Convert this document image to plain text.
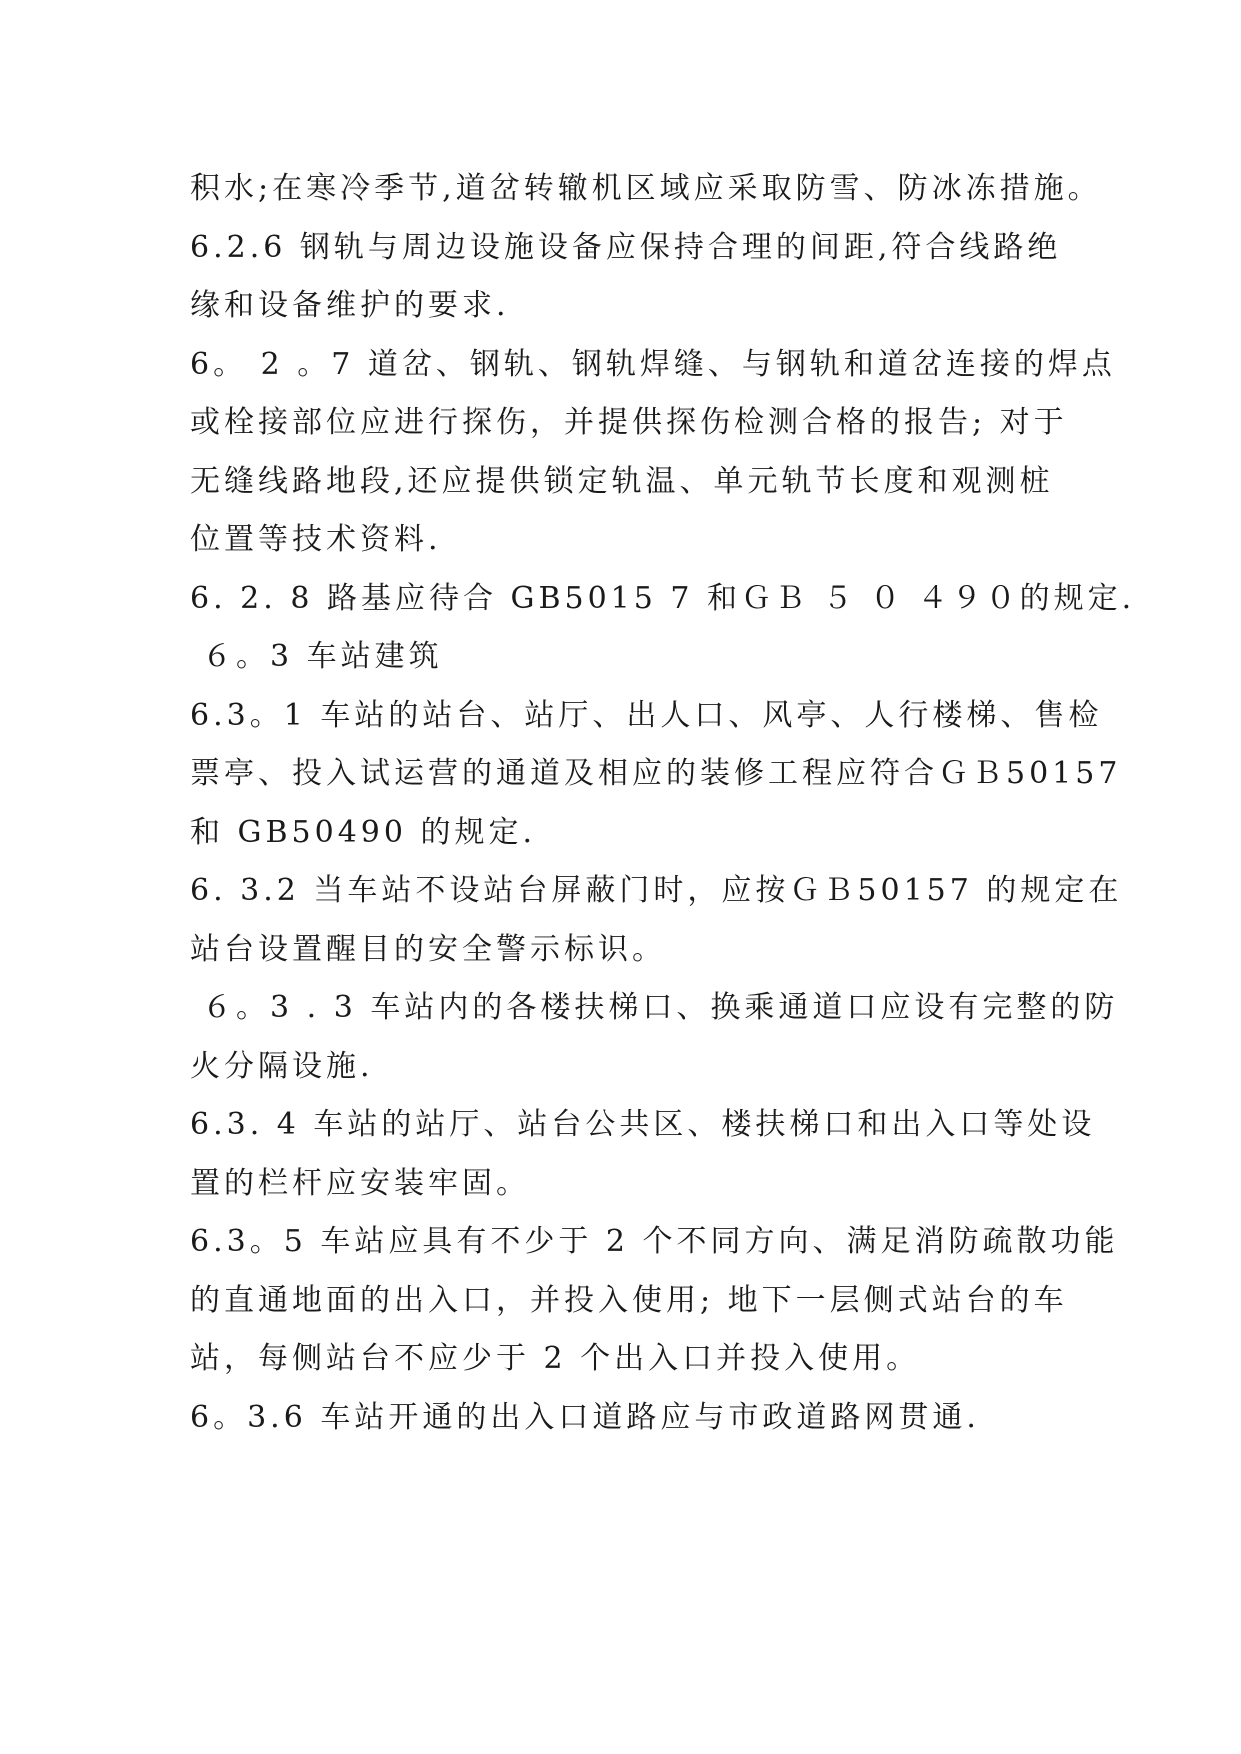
积水;在寒冷季节,道岔转辙机区域应采取防雪、防冰冻措施。
6.2.6 钢轨与周边设施设备应保持合理的间距,符合线路绝
缘和设备维护的要求.
6。 2 。7 道岔、钢轨、钢轨焊缝、与钢轨和道岔连接的焊点
或栓接部位应进行探伤，并提供探伤检测合格的报告; 对于
无缝线路地段,还应提供锁定轨温、单元轨节长度和观测桩
位置等技术资料.
6. 2. 8 路基应待合 GB5015 7 和ＧＢ ５ ０ ４９０的规定.
６。3 车站建筑
6.3。1 车站的站台、站厅、出人口、风亭、人行楼梯、售检
票亭、投入试运营的通道及相应的装修工程应符合ＧＢ50157
和 GB50490 的规定.
6. 3.2 当车站不设站台屏蔽门时，应按ＧＢ50157 的规定在
站台设置醒目的安全警示标识。
６。3 . 3 车站内的各楼扶梯口、换乘通道口应设有完整的防
火分隔设施.
6.3. 4 车站的站厅、站台公共区、楼扶梯口和出入口等处设
置的栏杆应安装牢固。
6.3。5 车站应具有不少于 2 个不同方向、满足消防疏散功能
的直通地面的出入口，并投入使用; 地下一层侧式站台的车
站，每侧站台不应少于 2 个出入口并投入使用。
6。3.6 车站开通的出入口道路应与市政道路网贯通.
